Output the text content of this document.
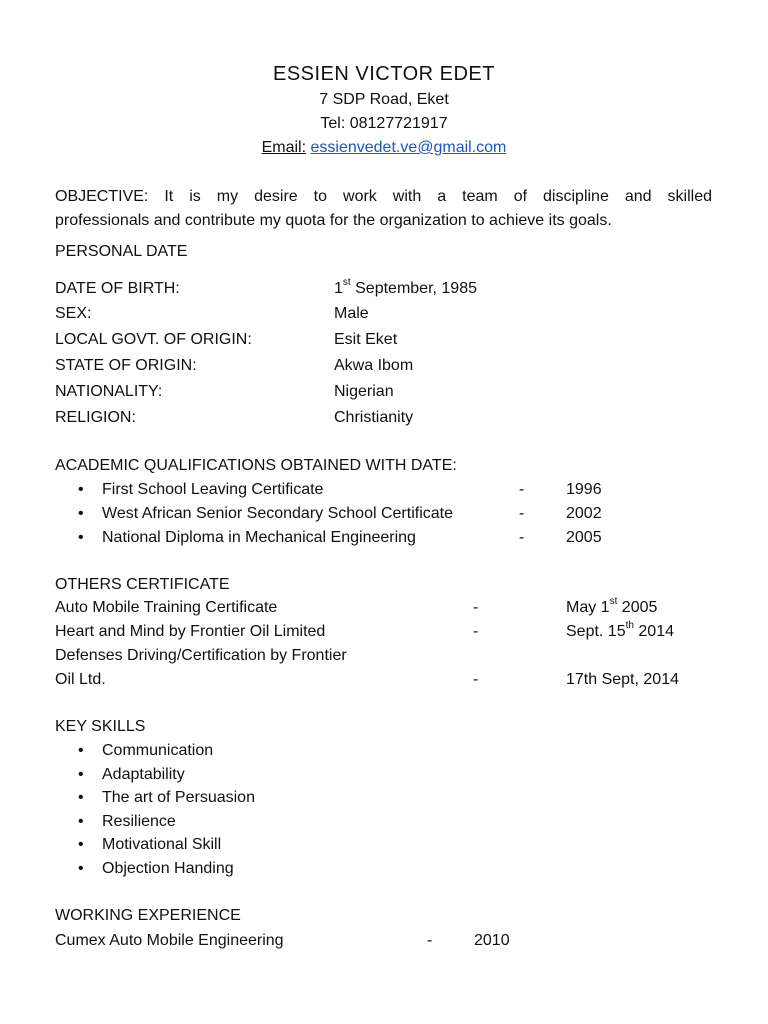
ESSIEN VICTOR EDET
7 SDP Road, Eket
Tel: 08127721917
Email: essienvedet.ve@gmail.com
OBJECTIVE: It is my desire to work with a team of discipline and skilled
professionals and contribute my quota for the organization to achieve its goals.
PERSONAL DATE
DATE OF BIRTH:	1st September, 1985
SEX:	Male
LOCAL GOVT. OF ORIGIN:	Esit Eket
STATE OF ORIGIN:	Akwa Ibom
NATIONALITY:	Nigerian
RELIGION:	Christianity
ACADEMIC QUALIFICATIONS OBTAINED WITH DATE:
• First School Leaving Certificate	-	1996
• West African Senior Secondary School Certificate	-	2002
• National Diploma in Mechanical Engineering	-	2005
OTHERS CERTIFICATE
Auto Mobile Training Certificate	-	May 1st 2005
Heart and Mind by Frontier Oil Limited	-	Sept. 15th 2014
Defenses Driving/Certification by Frontier
Oil Ltd.	-	17th Sept, 2014
KEY SKILLS
• Communication
• Adaptability
• The art of Persuasion
• Resilience
• Motivational Skill
• Objection Handing
WORKING EXPERIENCE
Cumex Auto Mobile Engineering	-	2010
